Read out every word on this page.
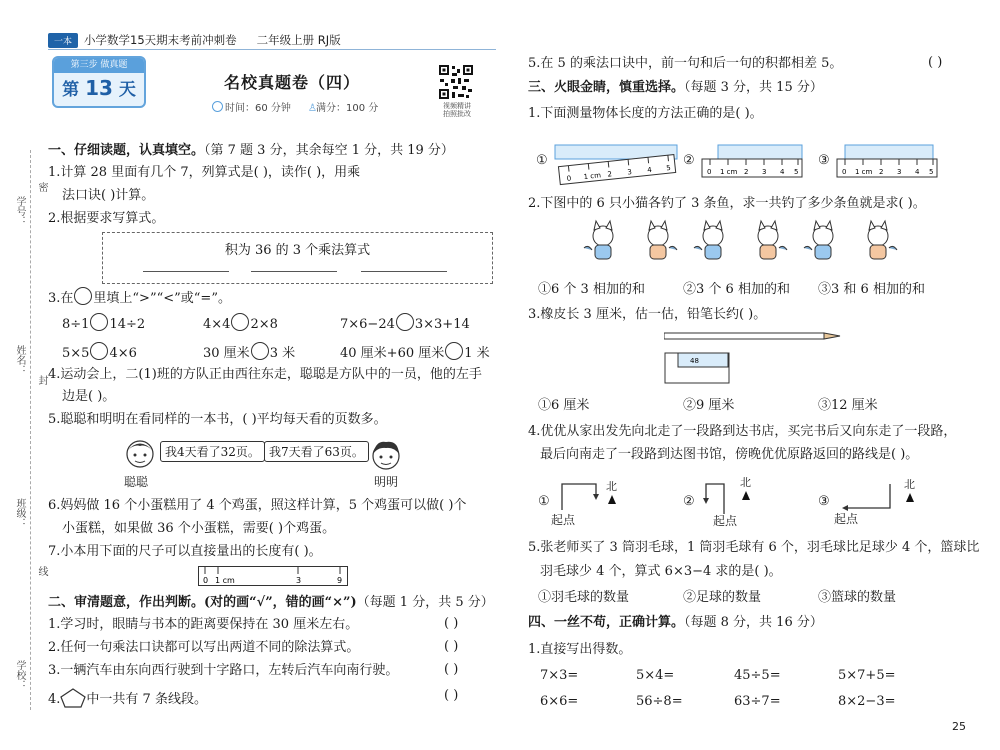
一本	小学数学15天期末考前冲刺卷 二年级上册 RJ版
第三步 做真题
第 13 天	名校真题卷（四）
时间：60 分钟 ♙满分：100 分	视频精讲
拍照批改
学号：
姓名：
班级：
学校：
密
封
线
一、仔细读题，认真填空。（第 7 题 3 分，其余每空 1 分，共 19 分）
1.计算 28 里面有几个 7，列算式是( )，读作( )，用乘
法口诀( )计算。
2.根据要求写算式。
积为 36 的 3 个乘法算式
3.在 里填上“>”“<”或“=”。
8÷1 14÷2	4×4 2×8	7×6−24 3×3+14
5×5 4×6	30 厘米 3 米	40 厘米+60 厘米 1 米
4.运动会上，二(1)班的方队正由西往东走，聪聪是方队中的一员，他的左手
边是( )。
5.聪聪和明明在看同样的一本书，( )平均每天看的页数多。
我4天看了32页。 我7天看了63页。
聪聪	明明
6.妈妈做 16 个小蛋糕用了 4 个鸡蛋，照这样计算，5 个鸡蛋可以做( )个
小蛋糕，如果做 36 个小蛋糕，需要( )个鸡蛋。
7.小本用下面的尺子可以直接量出的长度有( )。
0 1 cm	3	9
二、审清题意，作出判断。(对的画“√”，错的画“×”)（每题 1 分，共 5 分）
1.学习时，眼睛与书本的距离要保持在 30 厘米左右。	( )
2.任何一句乘法口诀都可以写出两道不同的除法算式。	( )
3.一辆汽车由东向西行驶到十字路口，左转后汽车向南行驶。	( )
4. 中一共有 7 条线段。	( )
5.在 5 的乘法口诀中，前一句和后一句的积都相差 5。	( )
三、火眼金睛，慎重选择。（每题 3 分，共 15 分）
1.下面测量物体长度的方法正确的是( )。
①
0 1 cm 2 3 4 5
②
0 1 cm 2 3 4 5
③
0 1 cm 2 3 4 5
2.下图中的 6 只小猫各钓了 3 条鱼，求一共钓了多少条鱼就是求( )。
①6 个 3 相加的和	②3 个 6 相加的和 ③3 和 6 相加的和
3.橡皮长 3 厘米，估一估，铅笔长约( )。
48
①6 厘米	②9 厘米	③12 厘米
4.优优从家出发先向北走了一段路到达书店，买完书后又向东走了一段路，
最后向南走了一段路到达图书馆，傍晚优优原路返回的路线是( )。
①
北
起点
②
北
起点
③
北
起点
5.张老师买了 3 筒羽毛球，1 筒羽毛球有 6 个，羽毛球比足球少 4 个，篮球比
羽毛球少 4 个，算式 6×3−4 求的是( )。
①羽毛球的数量	②足球的数量	③篮球的数量
四、一丝不苟，正确计算。（每题 8 分，共 16 分）
1.直接写出得数。
7×3=	5×4=	45÷5=	5×7+5=
6×6=	56÷8=	63÷7=	8×2−3=
25
